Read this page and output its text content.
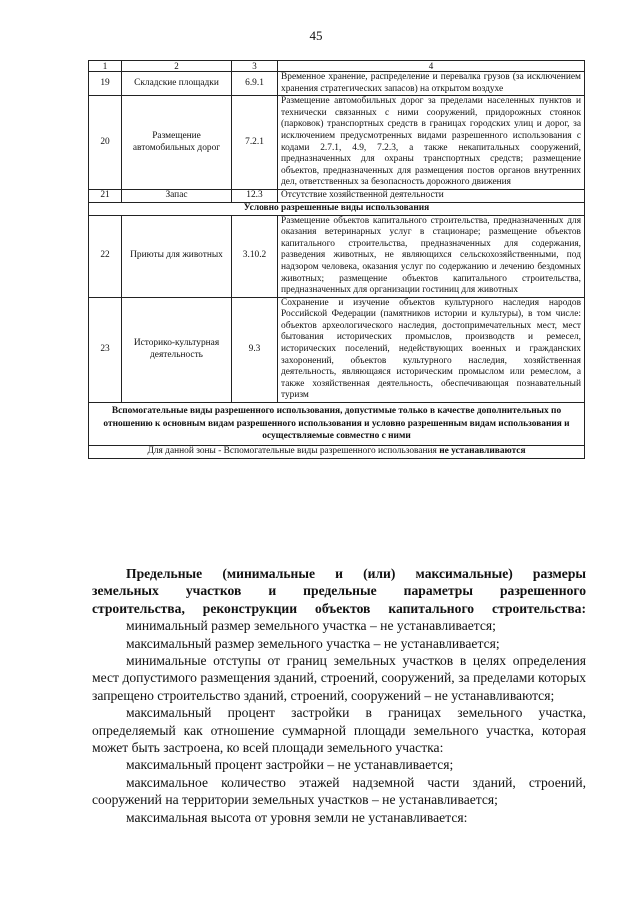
45
1	2	3	4
19	Складские площадки	6.9.1	Временное хранение, распределение и перевалка грузов (за исключением хранения стратегических запасов) на открытом воздухе
20	Размещение автомобильных дорог	7.2.1	Размещение автомобильных дорог за пределами населенных пунктов и технически связанных с ними сооружений, придорожных стоянок (парковок) транспортных средств в границах городских улиц и дорог, за исключением предусмотренных видами разрешенного использования с кодами 2.7.1, 4.9, 7.2.3, а также некапитальных сооружений, предназначенных для охраны транспортных средств; размещение объектов, предназначенных для размещения постов органов внутренних дел, ответственных за безопасность дорожного движения
21	Запас	12.3	Отсутствие хозяйственной деятельности
Условно разрешенные виды использования			
22	Приюты для животных	3.10.2	Размещение объектов капитального строительства, предназначенных для оказания ветеринарных услуг в стационаре; размещение объектов капитального строительства, предназначенных для содержания, разведения животных, не являющихся сельскохозяйственными, под надзором человека, оказания услуг по содержанию и лечению бездомных животных; размещение объектов капитального строительства, предназначенных для организации гостиниц для животных
23	Историко-культурная деятельность	9.3	Сохранение и изучение объектов культурного наследия народов Российской Федерации (памятников истории и культуры), в том числе: объектов археологического наследия, достопримечательных мест, мест бытования исторических промыслов, производств и ремесел, исторических поселений, недействующих военных и гражданских захоронений, объектов культурного наследия, хозяйственная деятельность, являющаяся историческим промыслом или ремеслом, а также хозяйственная деятельность, обеспечивающая познавательный туризм
Вспомогательные виды разрешенного использования, допустимые только в качестве дополнительных по отношению к основным видам разрешенного использования и условно разрешенным видам использования и осуществляемые совместно с ними			
Для данной зоны - Вспомогательные виды разрешенного использования не устанавливаются			
Предельные (минимальные и (или) максимальные) размеры
земельных участков и предельные параметры разрешенного
строительства, реконструкции объектов капитального строительства:

минимальный размер земельного участка – не устанавливается;

максимальный размер земельного участка – не устанавливается;

минимальные отступы от границ земельных участков в целях определения мест допустимого размещения зданий, строений, сооружений, за пределами которых запрещено строительство зданий, строений, сооружений – не устанавливаются;

максимальный процент застройки в границах земельного участка, определяемый как отношение суммарной площади земельного участка, которая может быть застроена, ко всей площади земельного участка:

максимальный процент застройки – не устанавливается;

максимальное количество этажей надземной части зданий, строений, сооружений на территории земельных участков – не устанавливается;

максимальная высота от уровня земли не устанавливается:
